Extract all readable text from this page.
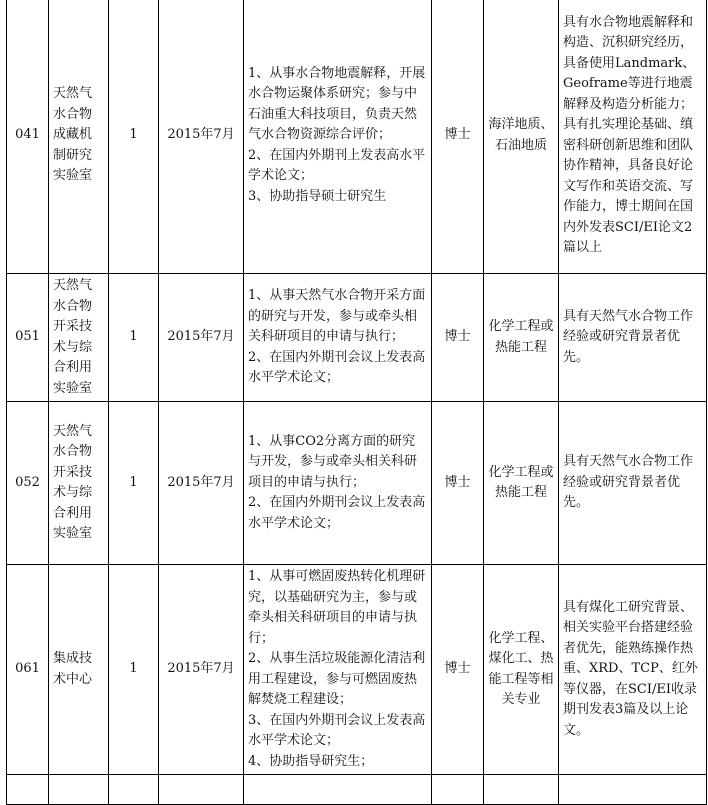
041	天然气水合物成藏机制研究实验室	1	2015年7月	1、从事水合物地震解释，开展水合物运聚体系研究；参与中石油重大科技项目，负责天然气水合物资源综合评价；
2、在国内外期刊上发表高水平学术论文；
3、协助指导硕士研究生	博士	海洋地质、石油地质	具有水合物地震解释和构造、沉积研究经历，具备使用Landmark、Geoframe等进行地震解释及构造分析能力；具有扎实理论基础、缜密科研创新思维和团队协作精神，具备良好论文写作和英语交流、写作能力，博士期间在国内外发表SCI/EI论文2篇以上
051	天然气水合物开采技术与综合利用实验室	1	2015年7月	1、从事天然气水合物开采方面的研究与开发，参与或牵头相关科研项目的申请与执行；
2、在国内外期刊会议上发表高水平学术论文；	博士	化学工程或热能工程	具有天然气水合物工作经验或研究背景者优先。
052	天然气水合物开采技术与综合利用实验室	1	2015年7月	1、从事CO2分离方面的研究与开发，参与或牵头相关科研项目的申请与执行；
2、在国内外期刊会议上发表高水平学术论文；	博士	化学工程或热能工程	具有天然气水合物工作经验或研究背景者优先。
061	集成技术中心	1	2015年7月	1、从事可燃固废热转化机理研究，以基础研究为主，参与或牵头相关科研项目的申请与执行；
2、从事生活垃圾能源化清洁利用工程建设，参与可燃固废热解焚烧工程建设；
3、在国内外期刊会议上发表高水平学术论文；
4、协助指导研究生；	博士	化学工程、煤化工、热能工程等相关专业	具有煤化工研究背景、相关实验平台搭建经验者优先，能熟练操作热重、XRD、TCP、红外等仪器，在SCI/EI收录期刊发表3篇及以上论文。
